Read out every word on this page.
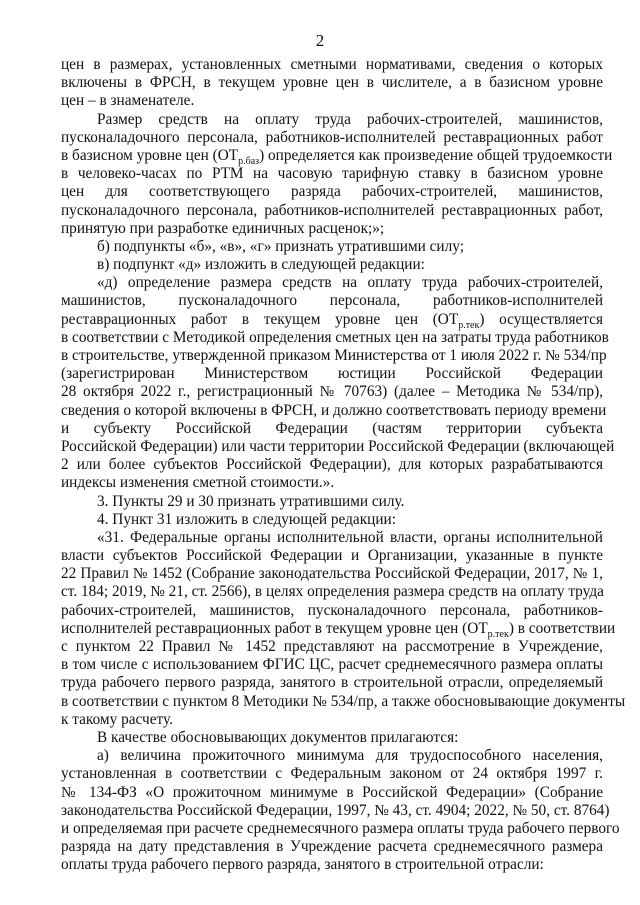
2
цен в размерах, установленных сметными нормативами, сведения о которых
включены в ФРСН, в текущем уровне цен в числителе, а в базисном уровне
цен – в знаменателе.
Размер средств на оплату труда рабочих-строителей, машинистов,
пусконаладочного персонала, работников-исполнителей реставрационных работ
в базисном уровне цен $(ОТ_{р.баз})$ определяется как произведение общей трудоемкости
в человеко-часах по РТМ на часовую тарифную ставку в базисном уровне
цен для соответствующего разряда рабочих-строителей, машинистов,
пусконаладочного персонала, работников-исполнителей реставрационных работ,
принятую при разработке единичных расценок;»;
б) подпункты «б», «в», «г» признать утратившими силу;
в) подпункт «д» изложить в следующей редакции:
«д) определение размера средств на оплату труда рабочих-строителей,
машинистов, пусконаладочного персонала, работников-исполнителей
реставрационных работ в текущем уровне цен $(ОТ_{р.тек})$ осуществляется
в соответствии с Методикой определения сметных цен на затраты труда работников
в строительстве, утвержденной приказом Министерства от 1 июля 2022 г. № 534/пр
(зарегистрирован Министерством юстиции Российской Федерации
28 октября 2022 г., регистрационный № 70763) (далее – Методика № 534/пр),
сведения о которой включены в ФРСН, и должно соответствовать периоду времени
и субъекту Российской Федерации (частям территории субъекта
Российской Федерации) или части территории Российской Федерации (включающей
2 или более субъектов Российской Федерации), для которых разрабатываются
индексы изменения сметной стоимости.».
3. Пункты 29 и 30 признать утратившими силу.
4. Пункт 31 изложить в следующей редакции:
«31. Федеральные органы исполнительной власти, органы исполнительной
власти субъектов Российской Федерации и Организации, указанные в пункте
22 Правил № 1452 (Собрание законодательства Российской Федерации, 2017, № 1,
ст. 184; 2019, № 21, ст. 2566), в целях определения размера средств на оплату труда
рабочих-строителей, машинистов, пусконаладочного персонала, работников-
исполнителей реставрационных работ в текущем уровне цен $(ОТ_{р.тек})$ в соответствии
с пунктом 22 Правил № 1452 представляют на рассмотрение в Учреждение,
в том числе с использованием ФГИС ЦС, расчет среднемесячного размера оплаты
труда рабочего первого разряда, занятого в строительной отрасли, определяемый
в соответствии с пунктом 8 Методики № 534/пр, а также обосновывающие документы
к такому расчету.
В качестве обосновывающих документов прилагаются:
а) величина прожиточного минимума для трудоспособного населения,
установленная в соответствии с Федеральным законом от 24 октября 1997 г.
№ 134-ФЗ «О прожиточном минимуме в Российской Федерации» (Собрание
законодательства Российской Федерации, 1997, № 43, ст. 4904; 2022, № 50, ст. 8764)
и определяемая при расчете среднемесячного размера оплаты труда рабочего первого
разряда на дату представления в Учреждение расчета среднемесячного размера
оплаты труда рабочего первого разряда, занятого в строительной отрасли:
